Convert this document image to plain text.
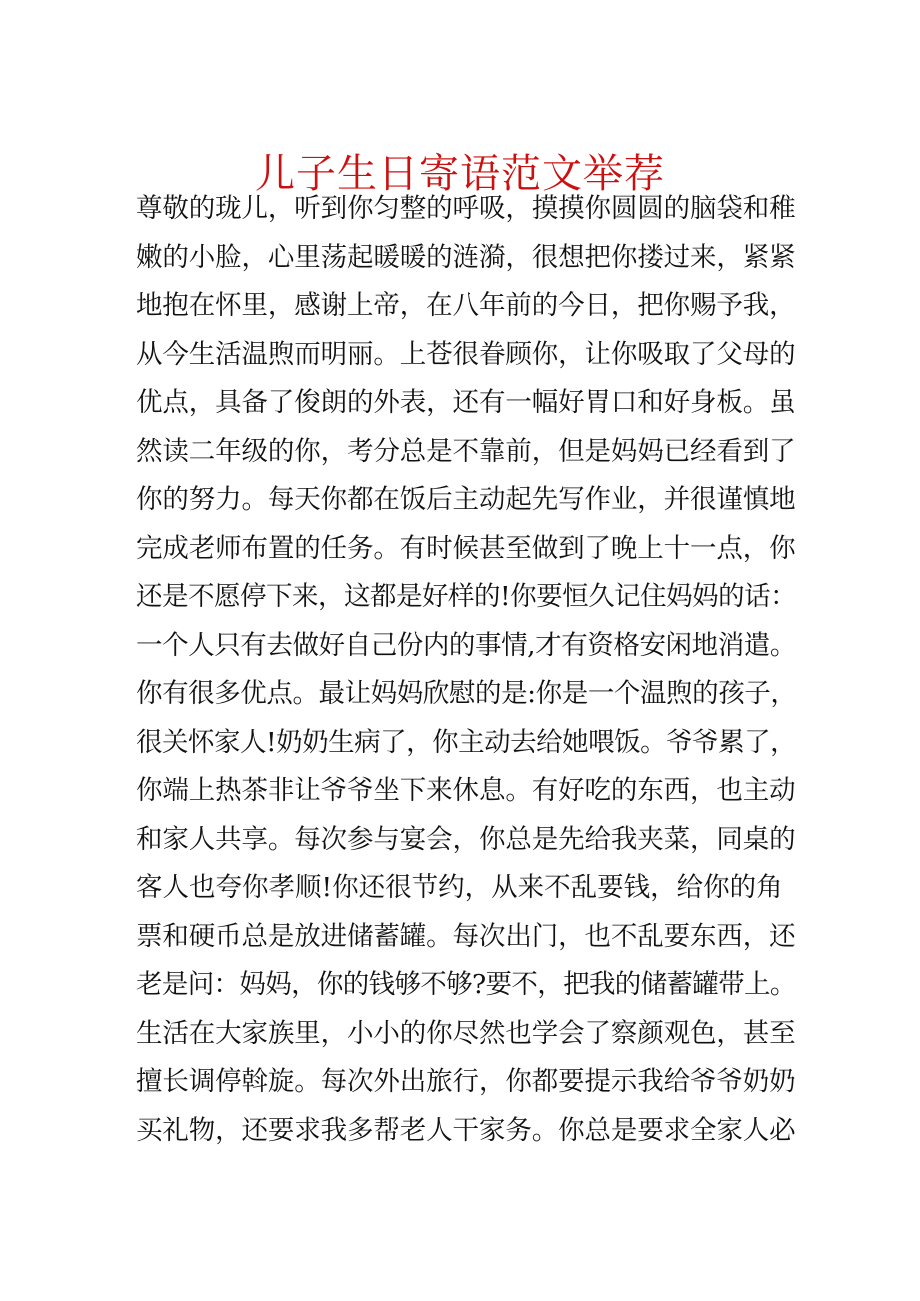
儿子生日寄语范文举荐
尊敬的珑儿，听到你匀整的呼吸，摸摸你圆圆的脑袋和稚
嫩的小脸，心里荡起暖暖的涟漪，很想把你搂过来，紧紧
地抱在怀里，感谢上帝，在八年前的今日，把你赐予我，
从今生活温煦而明丽。上苍很眷顾你，让你吸取了父母的
优点，具备了俊朗的外表，还有一幅好胃口和好身板。虽
然读二年级的你，考分总是不靠前，但是妈妈已经看到了
你的努力。每天你都在饭后主动起先写作业，并很谨慎地
完成老师布置的任务。有时候甚至做到了晚上十一点，你
还是不愿停下来，这都是好样的!你要恒久记住妈妈的话：
一个人只有去做好自己份内的事情,才有资格安闲地消遣。
你有很多优点。最让妈妈欣慰的是:你是一个温煦的孩子，
很关怀家人!奶奶生病了，你主动去给她喂饭。爷爷累了，
你端上热茶非让爷爷坐下来休息。有好吃的东西，也主动
和家人共享。每次参与宴会，你总是先给我夹菜，同桌的
客人也夸你孝顺!你还很节约，从来不乱要钱，给你的角
票和硬币总是放进储蓄罐。每次出门，也不乱要东西，还
老是问：妈妈，你的钱够不够?要不，把我的储蓄罐带上。
生活在大家族里，小小的你尽然也学会了察颜观色，甚至
擅长调停斡旋。每次外出旅行，你都要提示我给爷爷奶奶
买礼物，还要求我多帮老人干家务。你总是要求全家人必
